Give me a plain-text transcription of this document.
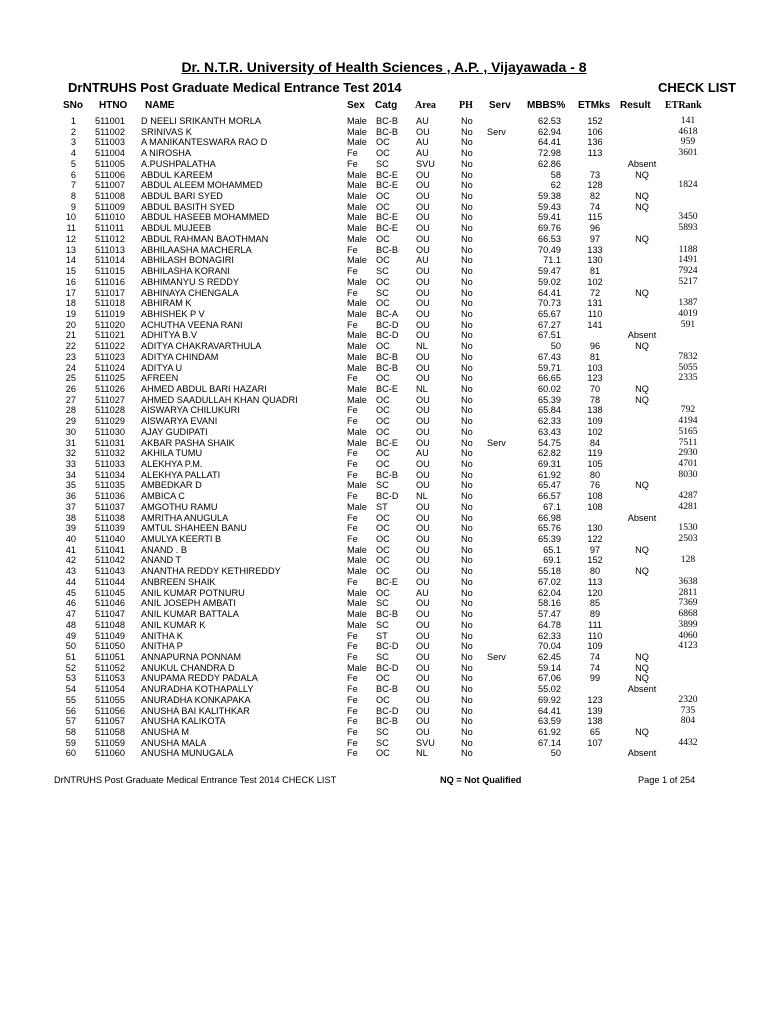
Dr. N.T.R. University of Health Sciences , A.P. , Vijayawada - 8
DrNTRUHS Post Graduate Medical Entrance Test 2014	CHECK LIST
SNo HTNO NAME	Sex Catg Area PH Serv MBBS% ETMks Result ETRank
1 511001 D NEELI SRIKANTH MORLA	Male BC-B AU	No	62.53	152	141
2 511002 SRINIVAS K	Male BC-B OU	No Serv	62.94	106	4618
3 511003 A MANIKANTESWARA RAO D	Male OC	AU	No	64.41	136	959
4 511004 A NIROSHA	Fe OC	AU	No	72.98	113	3601
5 511005 A.PUSHPALATHA	Fe SC	SVU	No	62.86	Absent
6 511006 ABDUL KAREEM	Male BC-E OU	No	58	73	NQ
7 511007 ABDUL ALEEM MOHAMMED	Male BC-E OU	No	62	128	1824
8 511008 ABDUL BARI SYED	Male OC	OU	No	59.38	82	NQ
9 511009 ABDUL BASITH SYED	Male OC	OU	No	59.43	74	NQ
10 511010 ABDUL HASEEB MOHAMMED	Male BC-E OU	No	59.41	115	3450
11 511011 ABDUL MUJEEB	Male BC-E OU	No	69.76	96	5893
12 511012 ABDUL RAHMAN BAOTHMAN	Male OC	OU	No	66.53	97	NQ
13 511013 ABHILAASHA MACHERLA	Fe BC-B OU	No	70.49	133	1188
14 511014 ABHILASH BONAGIRI	Male OC	AU	No	71.1	130	1491
15 511015 ABHILASHA KORANI	Fe SC	OU	No	59.47	81	7924
16 511016 ABHIMANYU S REDDY	Male OC	OU	No	59.02	102	5217
17 511017 ABHINAYA CHENGALA	Fe SC	OU	No	64.41	72	NQ
18 511018 ABHIRAM K	Male OC	OU	No	70.73	131	1387
19 511019 ABHISHEK P V	Male BC-A OU	No	65.67	110	4019
20 511020 ACHUTHA VEENA RANI	Fe BC-D OU	No	67.27	141	591
21 511021 ADHITYA B.V	Male BC-D OU	No	67.51	Absent
22 511022 ADITYA CHAKRAVARTHULA	Male OC	NL	No	50	96	NQ
23 511023 ADITYA CHINDAM	Male BC-B OU	No	67.43	81	7832
24 511024 ADITYA U	Male BC-B OU	No	59.71	103	5055
25 511025 AFREEN	Fe OC	OU	No	66.65	123	2335
26 511026 AHMED ABDUL BARI HAZARI	Male BC-E NL	No	60.02	70	NQ
27 511027 AHMED SAADULLAH KHAN QUADRI	Male OC	OU	No	65.39	78	NQ
28 511028 AISWARYA CHILUKURI	Fe OC	OU	No	65.84	138	792
29 511029 AISWARYA EVANI	Fe OC	OU	No	62.33	109	4194
30 511030 AJAY GUDIPATI	Male OC	OU	No	63.43	102	5165
31 511031 AKBAR PASHA SHAIK	Male BC-E OU	No Serv	54.75	84	7511
32 511032 AKHILA TUMU	Fe OC	AU	No	62.82	119	2930
33 511033 ALEKHYA P.M.	Fe OC	OU	No	69.31	105	4701
34 511034 ALEKHYA PALLATI	Fe BC-B OU	No	61.92	80	8030
35 511035 AMBEDKAR D	Male SC	OU	No	65.47	76	NQ
36 511036 AMBICA C	Fe BC-D NL	No	66.57	108	4287
37 511037 AMGOTHU RAMU	Male ST	OU	No	67.1	108	4281
38 511038 AMRITHA ANUGULA	Fe OC	OU	No	66.98	Absent
39 511039 AMTUL SHAHEEN BANU	Fe OC	OU	No	65.76	130	1530
40 511040 AMULYA KEERTI B	Fe OC	OU	No	65.39	122	2503
41 511041 ANAND . B	Male OC	OU	No	65.1	97	NQ
42 511042 ANAND T	Male OC	OU	No	69.1	152	128
43 511043 ANANTHA REDDY KETHIREDDY	Male OC	OU	No	55.18	80	NQ
44 511044 ANBREEN SHAIK	Fe BC-E OU	No	67.02	113	3638
45 511045 ANIL KUMAR POTNURU	Male OC	AU	No	62.04	120	2811
46 511046 ANIL JOSEPH AMBATI	Male SC	OU	No	58.16	85	7369
47 511047 ANIL KUMAR BATTALA	Male BC-B OU	No	57.47	89	6868
48 511048 ANIL KUMAR K	Male SC	OU	No	64.78	111	3899
49 511049 ANITHA K	Fe ST	OU	No	62.33	110	4060
50 511050 ANITHA P	Fe BC-D OU	No	70.04	109	4123
51 511051 ANNAPURNA PONNAM	Fe SC	OU	No Serv	62.45	74	NQ
52 511052 ANUKUL CHANDRA D	Male BC-D OU	No	59.14	74	NQ
53 511053 ANUPAMA REDDY PADALA	Fe OC	OU	No	67.06	99	NQ
54 511054 ANURADHA KOTHAPALLY	Fe BC-B OU	No	55.02	Absent
55 511055 ANURADHA KONKAPAKA	Fe OC	OU	No	69.92	123	2320
56 511056 ANUSHA BAI KALITHKAR	Fe BC-D OU	No	64.41	139	735
57 511057 ANUSHA KALIKOTA	Fe BC-B OU	No	63.59	138	804
58 511058 ANUSHA M	Fe SC	OU	No	61.92	65	NQ
59 511059 ANUSHA MALA	Fe SC	SVU	No	67.14	107	4432
60 511060 ANUSHA MUNUGALA	Fe OC	NL	No	50	Absent
DrNTRUHS Post Graduate Medical Entrance Test 2014 CHECK LIST	NQ = Not Qualified	Page 1 of 254
